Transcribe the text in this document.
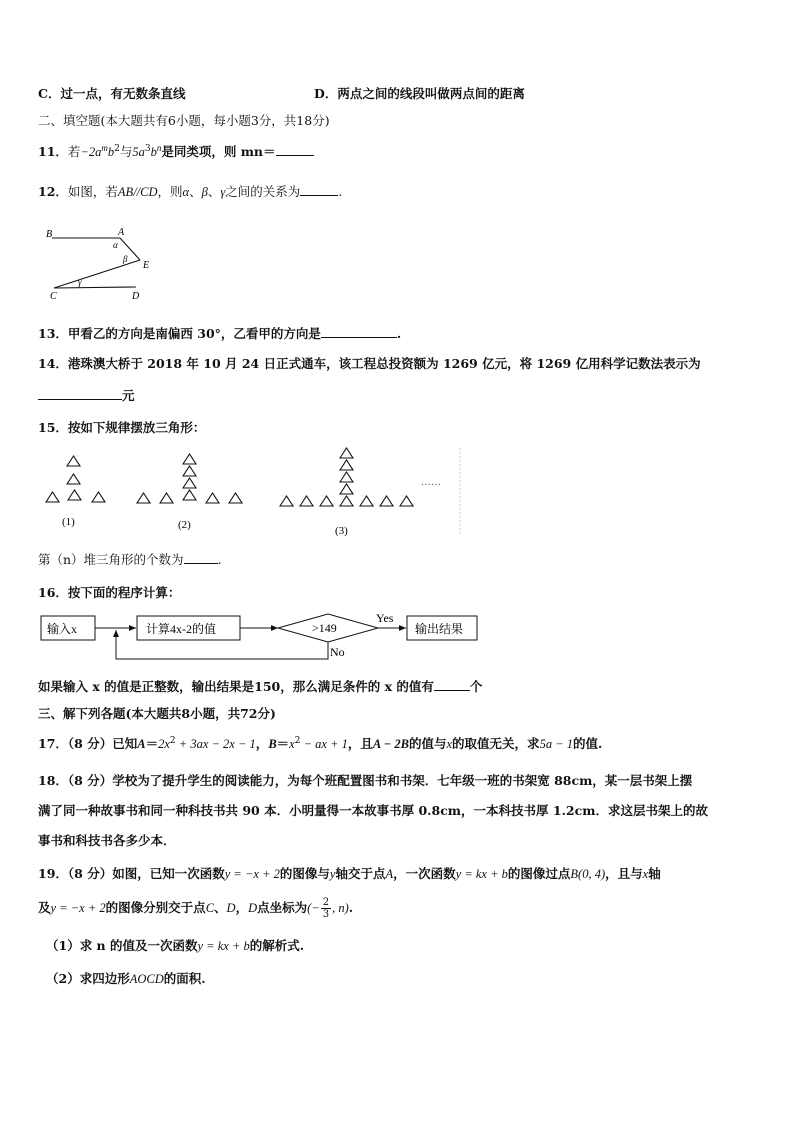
C．过一点，有无数条直线	D．两点之间的线段叫做两点间的距离
二、填空题(本大题共有6小题，每小题3分，共18分)
11．若$-2a^mb^2$与$5a^3b^n$是同类项，则 mn＝
12．如图，若AB//CD，则α、β、γ之间的关系为	.
B	A
E
C	D
α
β
γ
13．甲看乙的方向是南偏西 30°，乙看甲的方向是	.
14．港珠澳大桥于 2018 年 10 月 24 日正式通车，该工程总投资额为 1269 亿元，将 1269 亿用科学记数法表示为
元
15．按如下规律摆放三角形：
(1)	(2)	(3)
……
第（n）堆三角形的个数为	.
16．按下面的程序计算：
输入x	计算4x-2的值	>149
Yes
输出结果
No
如果输入 x 的值是正整数，输出结果是150，那么满足条件的 x 的值有	个
三、解下列各题(本大题共8小题，共72分)
17．（8 分）已知$A=2x^2 + 3ax - 2x - 1$，$B=x^2$ − ax + 1，且A − 2B的值与x的取值无关，求5a − 1的值.
18．（8 分）学校为了提升学生的阅读能力，为每个班配置图书和书架．七年级一班的书架宽 88cm，某一层书架上摆
满了同一种故事书和同一种科技书共 90 本．小明量得一本故事书厚 0.8cm，一本科技书厚 1.2cm．求这层书架上的故
事书和科技书各多少本．
19．（8 分）如图，已知一次函数y = −x + 2的图像与y轴交于点A，一次函数y = kx + b的图像过点B(0, 4)，且与x轴
及y = −x + 2的图像分别交于点C、D，D点坐标为(− $\frac{2}{3}$ , n).
（1）求 n 的值及一次函数y = kx + b的解析式.
（2）求四边形AOCD的面积.
